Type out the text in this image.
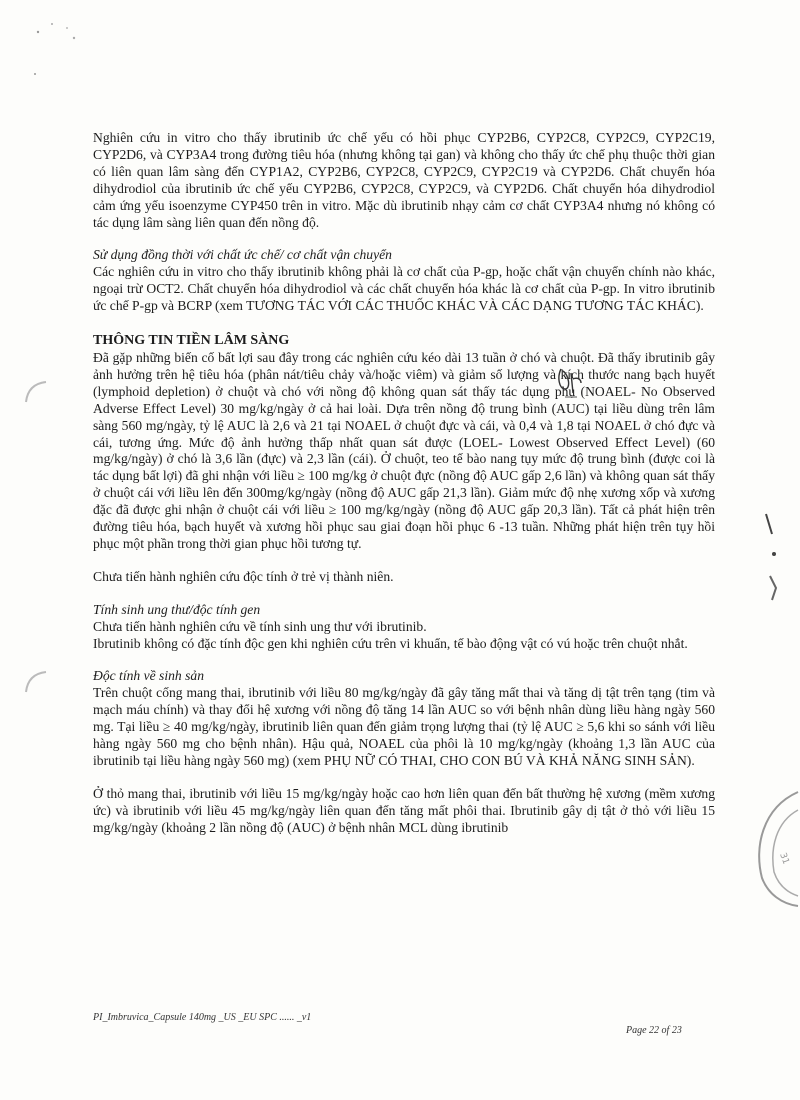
Nghiên cứu in vitro cho thấy ibrutinib ức chế yếu có hồi phục CYP2B6, CYP2C8, CYP2C9, CYP2C19, CYP2D6, và CYP3A4 trong đường tiêu hóa (nhưng không tại gan) và không cho thấy ức chế phụ thuộc thời gian có liên quan lâm sàng đến CYP1A2, CYP2B6, CYP2C8, CYP2C9, CYP2C19 và CYP2D6. Chất chuyển hóa dihydrodiol của ibrutinib ức chế yếu CYP2B6, CYP2C8, CYP2C9, và CYP2D6. Chất chuyển hóa dihydrodiol cảm ứng yếu isoenzyme CYP450 trên in vitro. Mặc dù ibrutinib nhạy cảm cơ chất CYP3A4 nhưng nó không có tác dụng lâm sàng liên quan đến nồng độ.

Sử dụng đồng thời với chất ức chế/ cơ chất vận chuyển

Các nghiên cứu in vitro cho thấy ibrutinib không phải là cơ chất của P-gp, hoặc chất vận chuyển chính nào khác, ngoại trừ OCT2. Chất chuyển hóa dihydrodiol và các chất chuyển hóa khác là cơ chất của P-gp. In vitro ibrutinib ức chế P-gp và BCRP (xem TƯƠNG TÁC VỚI CÁC THUỐC KHÁC VÀ CÁC DẠNG TƯƠNG TÁC KHÁC).

THÔNG TIN TIỀN LÂM SÀNG

Đã gặp những biến cố bất lợi sau đây trong các nghiên cứu kéo dài 13 tuần ở chó và chuột. Đã thấy ibrutinib gây ảnh hưởng trên hệ tiêu hóa (phân nát/tiêu chảy và/hoặc viêm) và giảm số lượng và kích thước nang bạch huyết (lymphoid depletion) ở chuột và chó với nồng độ không quan sát thấy tác dụng phụ (NOAEL- No Observed Adverse Effect Level) 30 mg/kg/ngày ở cả hai loài. Dựa trên nồng độ trung bình (AUC) tại liều dùng trên lâm sàng 560 mg/ngày, tỷ lệ AUC là 2,6 và 21 tại NOAEL ở chuột đực và cái, và 0,4 và 1,8 tại NOAEL ở chó đực và cái, tương ứng. Mức độ ảnh hưởng thấp nhất quan sát được (LOEL- Lowest Observed Effect Level) (60 mg/kg/ngày) ở chó là 3,6 lần (đực) và 2,3 lần (cái). Ở chuột, teo tế bào nang tụy mức độ trung bình (được coi là tác dụng bất lợi) đã ghi nhận với liều ≥ 100 mg/kg ở chuột đực (nồng độ AUC gấp 2,6 lần) và không quan sát thấy ở chuột cái với liều lên đến 300mg/kg/ngày (nồng độ AUC gấp 21,3 lần). Giảm mức độ nhẹ xương xốp và xương đặc đã được ghi nhận ở chuột cái với liều ≥ 100 mg/kg/ngày (nồng độ AUC gấp 20,3 lần). Tất cả phát hiện trên đường tiêu hóa, bạch huyết và xương hồi phục sau giai đoạn hồi phục 6 -13 tuần. Những phát hiện trên tụy hồi phục một phần trong thời gian phục hồi tương tự.

Chưa tiến hành nghiên cứu độc tính ở trẻ vị thành niên.

Tính sinh ung thư/độc tính gen

Chưa tiến hành nghiên cứu về tính sinh ung thư với ibrutinib.

Ibrutinib không có đặc tính độc gen khi nghiên cứu trên vi khuẩn, tế bào động vật có vú hoặc trên chuột nhắt.

Độc tính về sinh sản

Trên chuột cống mang thai, ibrutinib với liều 80 mg/kg/ngày đã gây tăng mất thai và tăng dị tật trên tạng (tim và mạch máu chính) và thay đổi hệ xương với nồng độ tăng 14 lần AUC so với bệnh nhân dùng liều hàng ngày 560 mg. Tại liều ≥ 40 mg/kg/ngày, ibrutinib liên quan đến giảm trọng lượng thai (tỷ lệ AUC ≥ 5,6 khi so sánh với liều hàng ngày 560 mg cho bệnh nhân). Hậu quả, NOAEL của phôi là 10 mg/kg/ngày (khoảng 1,3 lần AUC của ibrutinib tại liều hàng ngày 560 mg) (xem PHỤ NỮ CÓ THAI, CHO CON BÚ VÀ KHẢ NĂNG SINH SẢN).

Ở thỏ mang thai, ibrutinib với liều 15 mg/kg/ngày hoặc cao hơn liên quan đến bất thường hệ xương (mềm xương ức) và ibrutinib với liều 45 mg/kg/ngày liên quan đến tăng mất phôi thai. Ibrutinib gây dị tật ở thỏ với liều 15 mg/kg/ngày (khoảng 2 lần nồng độ (AUC) ở bệnh nhân MCL dùng ibrutinib

31
PI_Imbruvica_Capsule 140mg _US _EU SPC ...... _v1
Page 22 of 23
